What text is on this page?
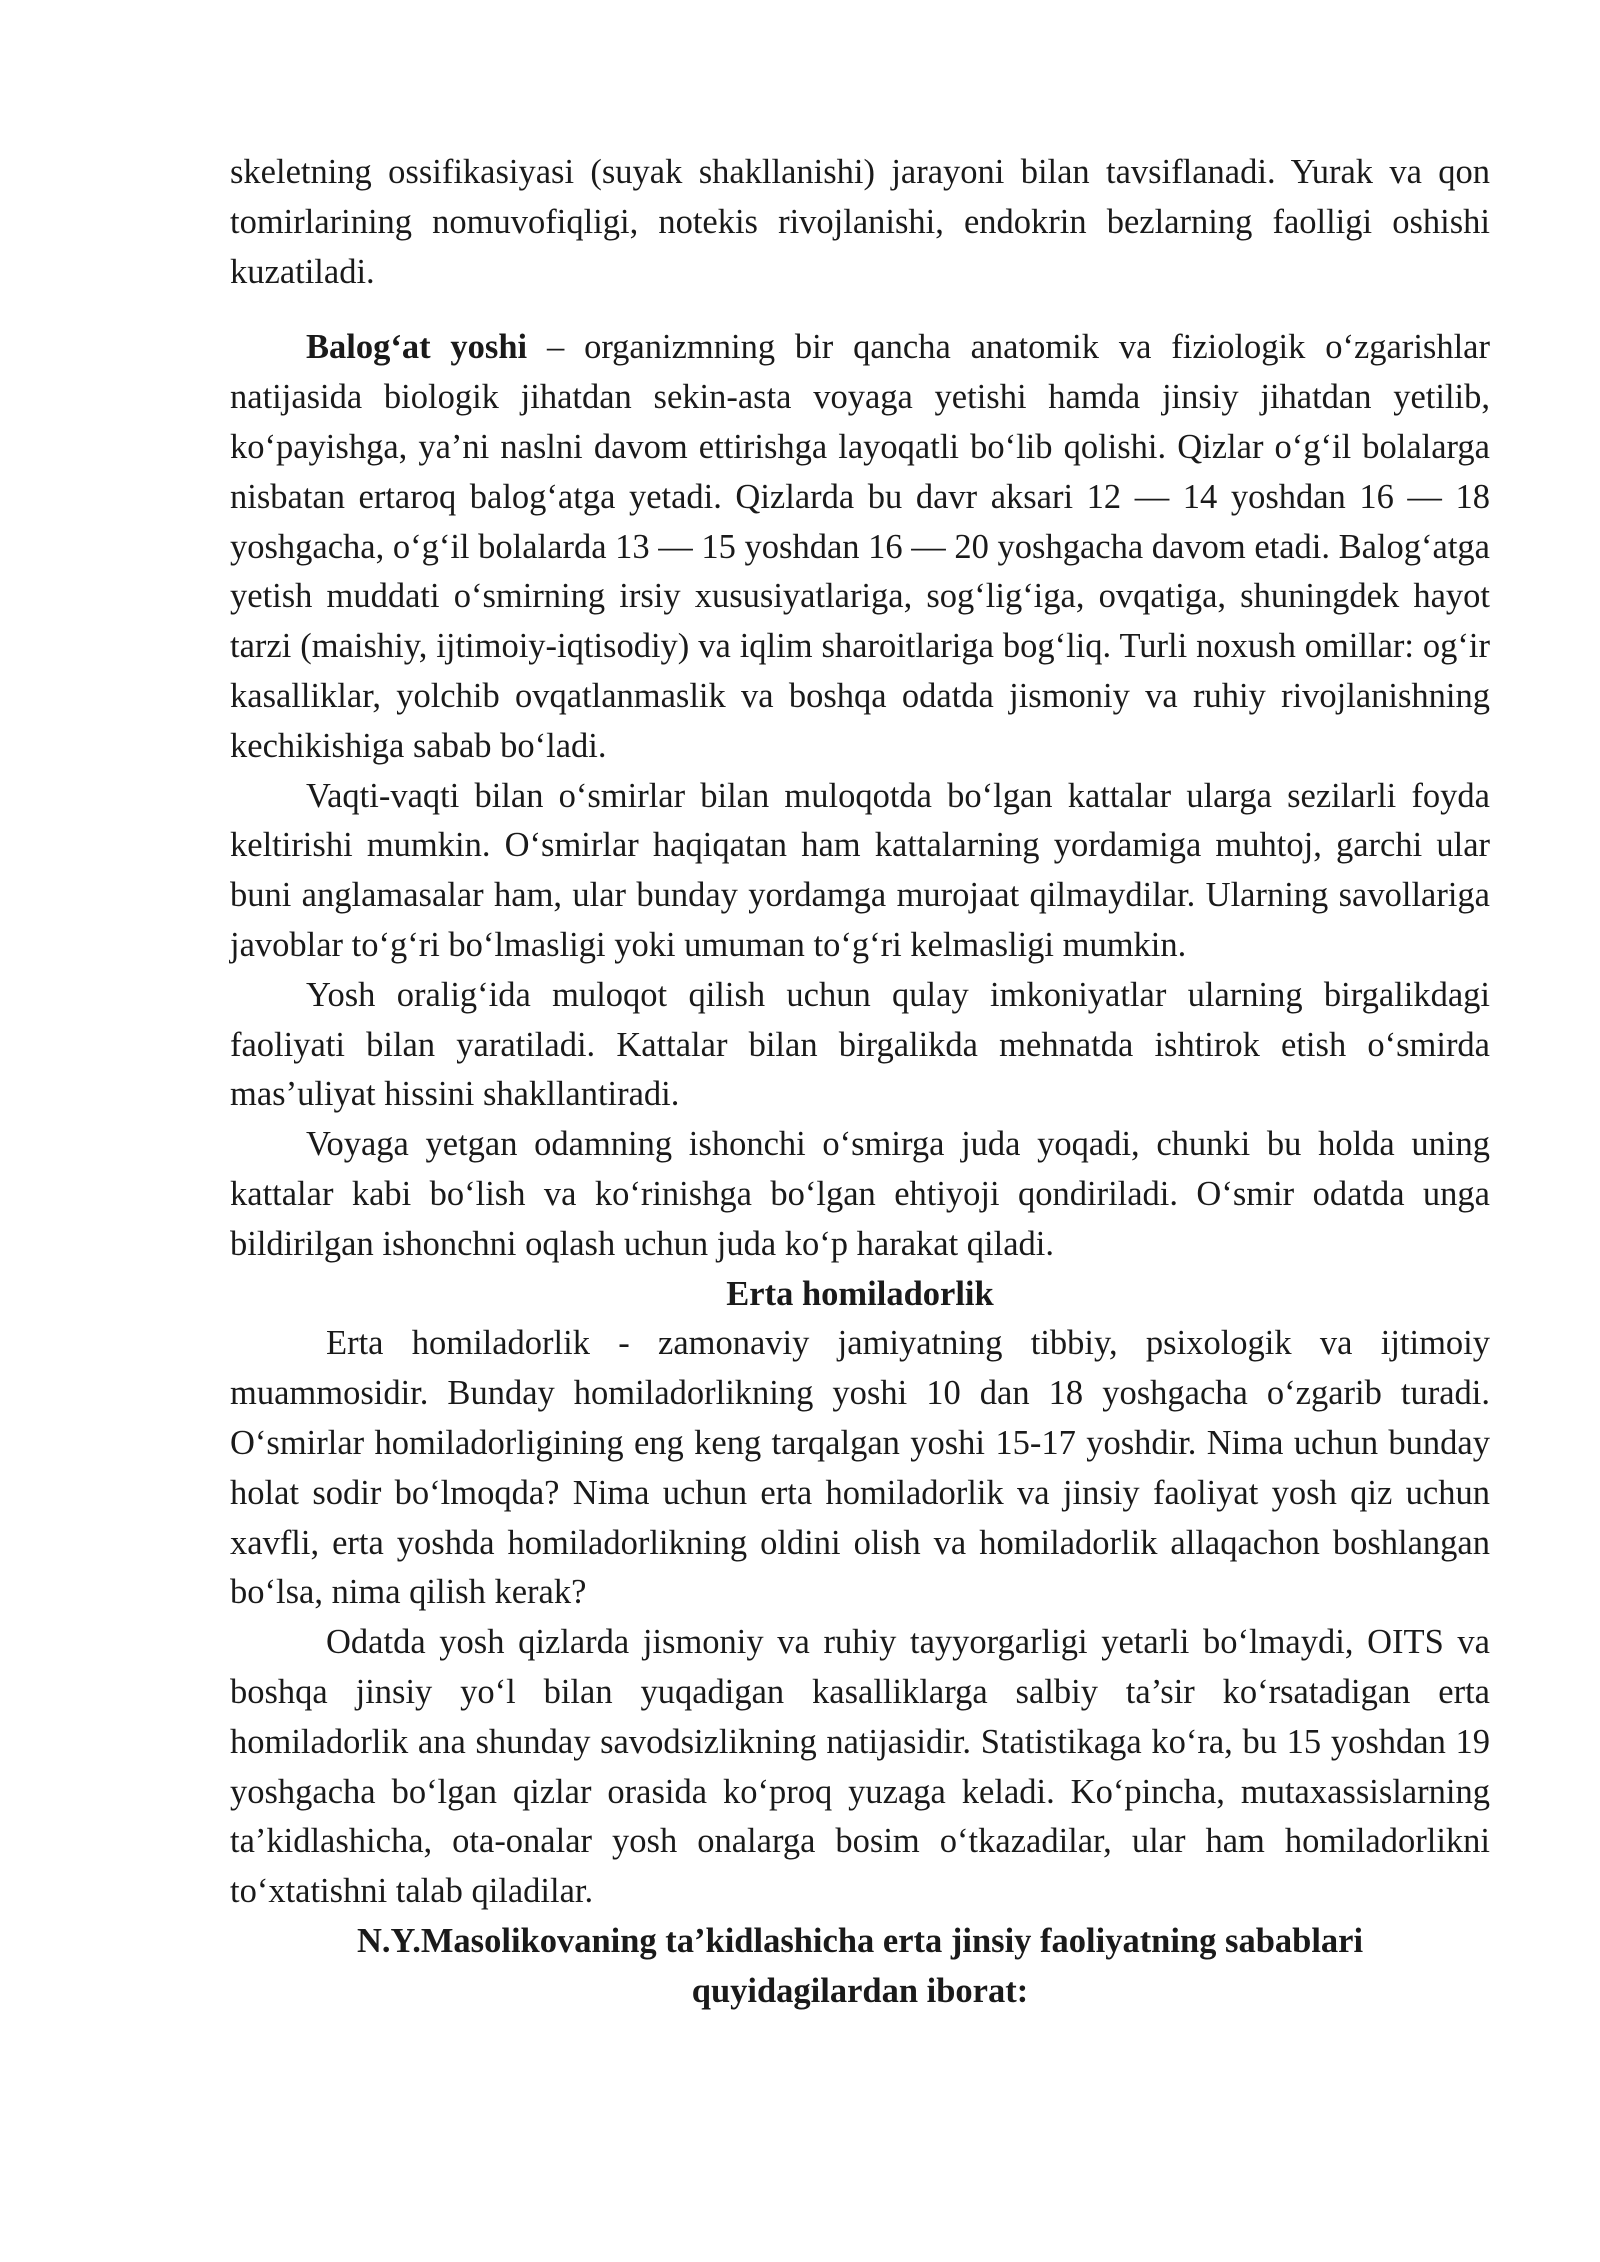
skeletning ossifikasiyasi (suyak shakllanishi) jarayoni bilan tavsiflanadi. Yurak va qon tomirlarining nomuvofiqligi, notekis rivojlanishi, endokrin bezlarning faolligi oshishi kuzatiladi.

Balog‘at yoshi – organizmning bir qancha anatomik va fiziologik o‘zgarishlar natijasida biologik jihatdan sekin-asta voyaga yetishi hamda jinsiy jihatdan yetilib, ko‘payishga, ya’ni naslni davom ettirishga layoqatli bo‘lib qolishi. Qizlar o‘g‘il bolalarga nisbatan ertaroq balog‘atga yetadi. Qizlarda bu davr aksari 12 — 14 yoshdan 16 — 18 yoshgacha, o‘g‘il bolalarda 13 — 15 yoshdan 16 — 20 yoshgacha davom etadi. Balog‘atga yetish muddati o‘smirning irsiy xususiyatlariga, sog‘lig‘iga, ovqatiga, shuningdek hayot tarzi (maishiy, ijtimoiy-iqtisodiy) va iqlim sharoitlariga bog‘liq. Turli noxush omillar: og‘ir kasalliklar, yolchib ovqatlanmaslik va boshqa odatda jismoniy va ruhiy rivojlanishning kechikishiga sabab bo‘ladi.

Vaqti-vaqti bilan o‘smirlar bilan muloqotda bo‘lgan kattalar ularga sezilarli foyda keltirishi mumkin. O‘smirlar haqiqatan ham kattalarning yordamiga muhtoj, garchi ular buni anglamasalar ham, ular bunday yordamga murojaat qilmaydilar. Ularning savollariga javoblar to‘g‘ri bo‘lmasligi yoki umuman to‘g‘ri kelmasligi mumkin.

Yosh oralig‘ida muloqot qilish uchun qulay imkoniyatlar ularning birgalikdagi faoliyati bilan yaratiladi. Kattalar bilan birgalikda mehnatda ishtirok etish o‘smirda mas’uliyat hissini shakllantiradi.

Voyaga yetgan odamning ishonchi o‘smirga juda yoqadi, chunki bu holda uning kattalar kabi bo‘lish va ko‘rinishga bo‘lgan ehtiyoji qondiriladi. O‘smir odatda unga bildirilgan ishonchni oqlash uchun juda ko‘p harakat qiladi.

Erta homiladorlik

Erta homiladorlik - zamonaviy jamiyatning tibbiy, psixologik va ijtimoiy muammosidir. Bunday homiladorlikning yoshi 10 dan 18 yoshgacha o‘zgarib turadi. O‘smirlar homiladorligining eng keng tarqalgan yoshi 15-17 yoshdir. Nima uchun bunday holat sodir bo‘lmoqda? Nima uchun erta homiladorlik va jinsiy faoliyat yosh qiz uchun xavfli, erta yoshda homiladorlikning oldini olish va homiladorlik allaqachon boshlangan bo‘lsa, nima qilish kerak?

Odatda yosh qizlarda jismoniy va ruhiy tayyorgarligi yetarli bo‘lmaydi, OITS va boshqa jinsiy yo‘l bilan yuqadigan kasalliklarga salbiy ta’sir ko‘rsatadigan erta homiladorlik ana shunday savodsizlikning natijasidir. Statistikaga ko‘ra, bu 15 yoshdan 19 yoshgacha bo‘lgan qizlar orasida ko‘proq yuzaga keladi. Ko‘pincha, mutaxassislarning ta’kidlashicha, ota-onalar yosh onalarga bosim o‘tkazadilar, ular ham homiladorlikni to‘xtatishni talab qiladilar.

N.Y.Masolikovaning ta’kidlashicha erta jinsiy faoliyatning sabablari
quyidagilardan iborat:
